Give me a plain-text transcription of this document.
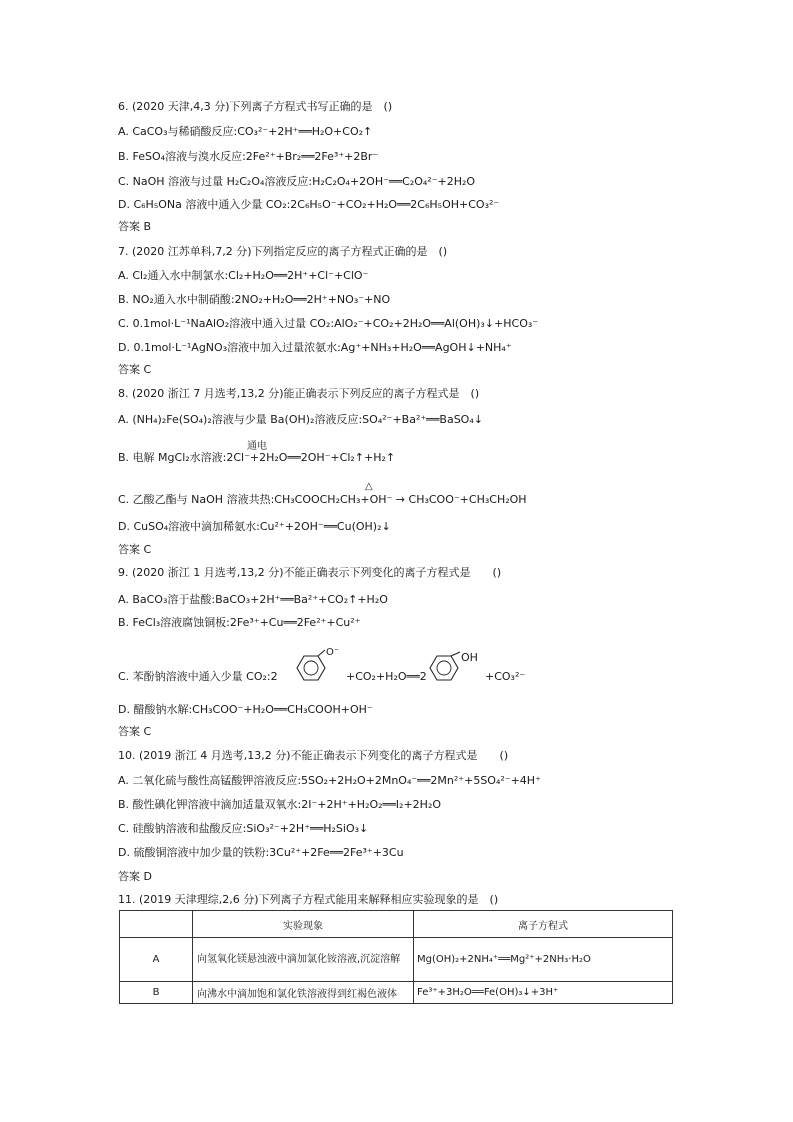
6. (2020 天津,4,3 分)下列离子方程式书写正确的是　()
A. CaCO₃与稀硝酸反应:CO₃²⁻+2H⁺══H₂O+CO₂↑
B. FeSO₄溶液与溴水反应:2Fe²⁺+Br₂══2Fe³⁺+2Br⁻
C. NaOH 溶液与过量 H₂C₂O₄溶液反应:H₂C₂O₄+2OH⁻══C₂O₄²⁻+2H₂O
D. C₆H₅ONa 溶液中通入少量 CO₂:2C₆H₅O⁻+CO₂+H₂O══2C₆H₅OH+CO₃²⁻
答案 B
7. (2020 江苏单科,7,2 分)下列指定反应的离子方程式正确的是　()
A. Cl₂通入水中制氯水:Cl₂+H₂O══2H⁺+Cl⁻+ClO⁻
B. NO₂通入水中制硝酸:2NO₂+H₂O══2H⁺+NO₃⁻+NO
C. 0.1mol·L⁻¹NaAlO₂溶液中通入过量 CO₂:AlO₂⁻+CO₂+2H₂O══Al(OH)₃↓+HCO₃⁻
D. 0.1mol·L⁻¹AgNO₃溶液中加入过量浓氨水:Ag⁺+NH₃+H₂O══AgOH↓+NH₄⁺
答案 C
8. (2020 浙江 7 月选考,13,2 分)能正确表示下列反应的离子方程式是　()
A. (NH₄)₂Fe(SO₄)₂溶液与少量 Ba(OH)₂溶液反应:SO₄²⁻+Ba²⁺══BaSO₄↓
通电
B. 电解 MgCl₂水溶液:2Cl⁻+2H₂O══2OH⁻+Cl₂↑+H₂↑
△
C. 乙酸乙酯与 NaOH 溶液共热:CH₃COOCH₂CH₃+OH⁻ → CH₃COO⁻+CH₃CH₂OH
D. CuSO₄溶液中滴加稀氨水:Cu²⁺+2OH⁻══Cu(OH)₂↓
答案 C
9. (2020 浙江 1 月选考,13,2 分)不能正确表示下列变化的离子方程式是　　()
A. BaCO₃溶于盐酸:BaCO₃+2H⁺══Ba²⁺+CO₂↑+H₂O
B. FeCl₃溶液腐蚀铜板:2Fe³⁺+Cu══2Fe²⁺+Cu²⁺
C. 苯酚钠溶液中通入少量 CO₂:2
O⁻
+CO₂+H₂O══2
OH
+CO₃²⁻
D. 醋酸钠水解:CH₃COO⁻+H₂O══CH₃COOH+OH⁻
答案 C
10. (2019 浙江 4 月选考,13,2 分)不能正确表示下列变化的离子方程式是　　()
A. 二氧化硫与酸性高锰酸钾溶液反应:5SO₂+2H₂O+2MnO₄⁻══2Mn²⁺+5SO₄²⁻+4H⁺
B. 酸性碘化钾溶液中滴加适量双氧水:2I⁻+2H⁺+H₂O₂══I₂+2H₂O
C. 硅酸钠溶液和盐酸反应:SiO₃²⁻+2H⁺══H₂SiO₃↓
D. 硫酸铜溶液中加少量的铁粉:3Cu²⁺+2Fe══2Fe³⁺+3Cu
答案 D
11. (2019 天津理综,2,6 分)下列离子方程式能用来解释相应实验现象的是　()
	实验现象	离子方程式
A	向氢氧化镁悬浊液中滴加氯化铵溶液,沉淀溶解	Mg(OH)₂+2NH₄⁺══Mg²⁺+2NH₃·H₂O
B	向沸水中滴加饱和氯化铁溶液得到红褐色液体	Fe³⁺+3H₂O══Fe(OH)₃↓+3H⁺
